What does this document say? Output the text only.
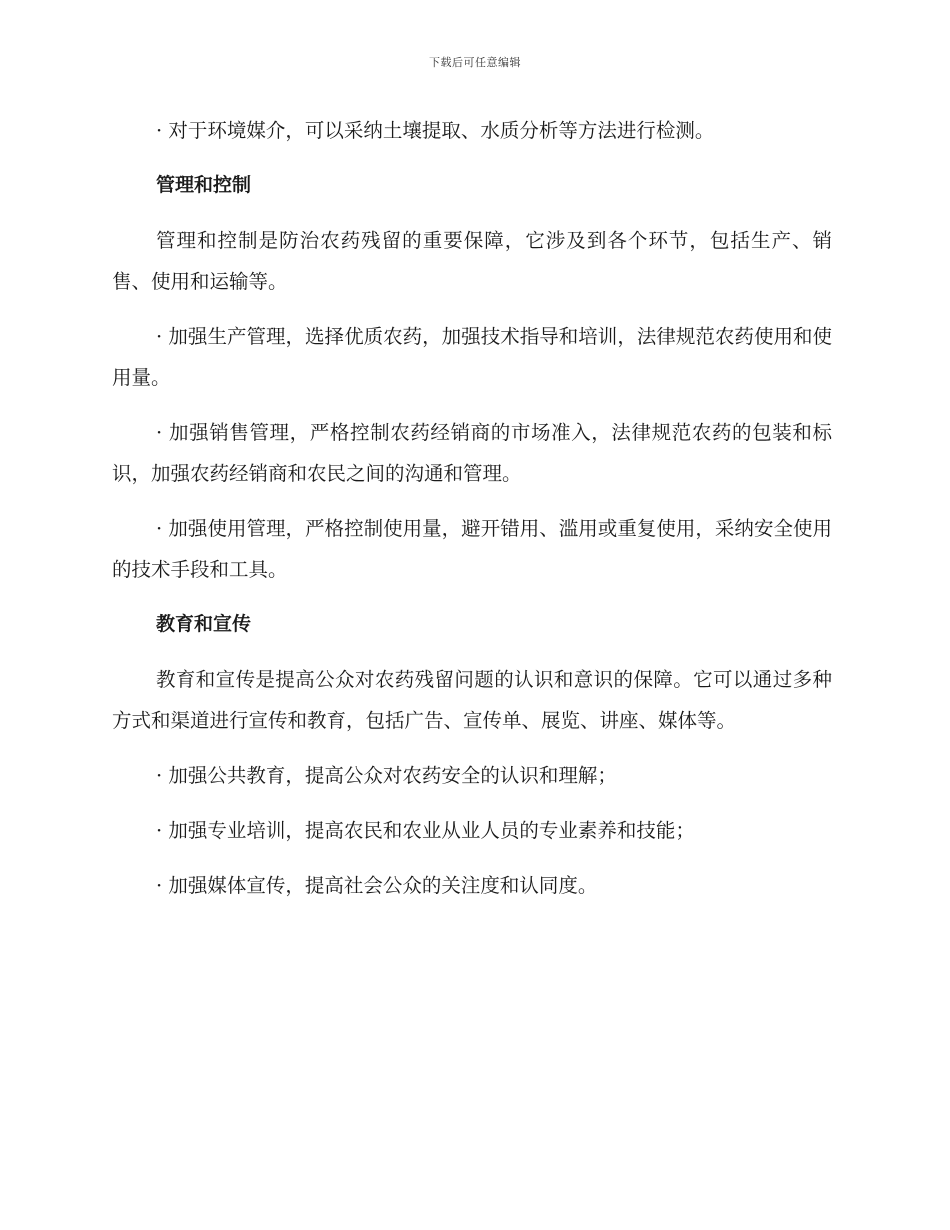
下载后可任意编辑

· 对于环境媒介，可以采纳土壤提取、水质分析等方法进行检测。

管理和控制

管理和控制是防治农药残留的重要保障，它涉及到各个环节，包括生产、销售、使用和运输等。

· 加强生产管理，选择优质农药，加强技术指导和培训，法律规范农药使用和使用量。

· 加强销售管理，严格控制农药经销商的市场准入，法律规范农药的包装和标识，加强农药经销商和农民之间的沟通和管理。

· 加强使用管理，严格控制使用量，避开错用、滥用或重复使用，采纳安全使用的技术手段和工具。

教育和宣传

教育和宣传是提高公众对农药残留问题的认识和意识的保障。它可以通过多种方式和渠道进行宣传和教育，包括广告、宣传单、展览、讲座、媒体等。

· 加强公共教育，提高公众对农药安全的认识和理解；

· 加强专业培训，提高农民和农业从业人员的专业素养和技能；

· 加强媒体宣传，提高社会公众的关注度和认同度。
